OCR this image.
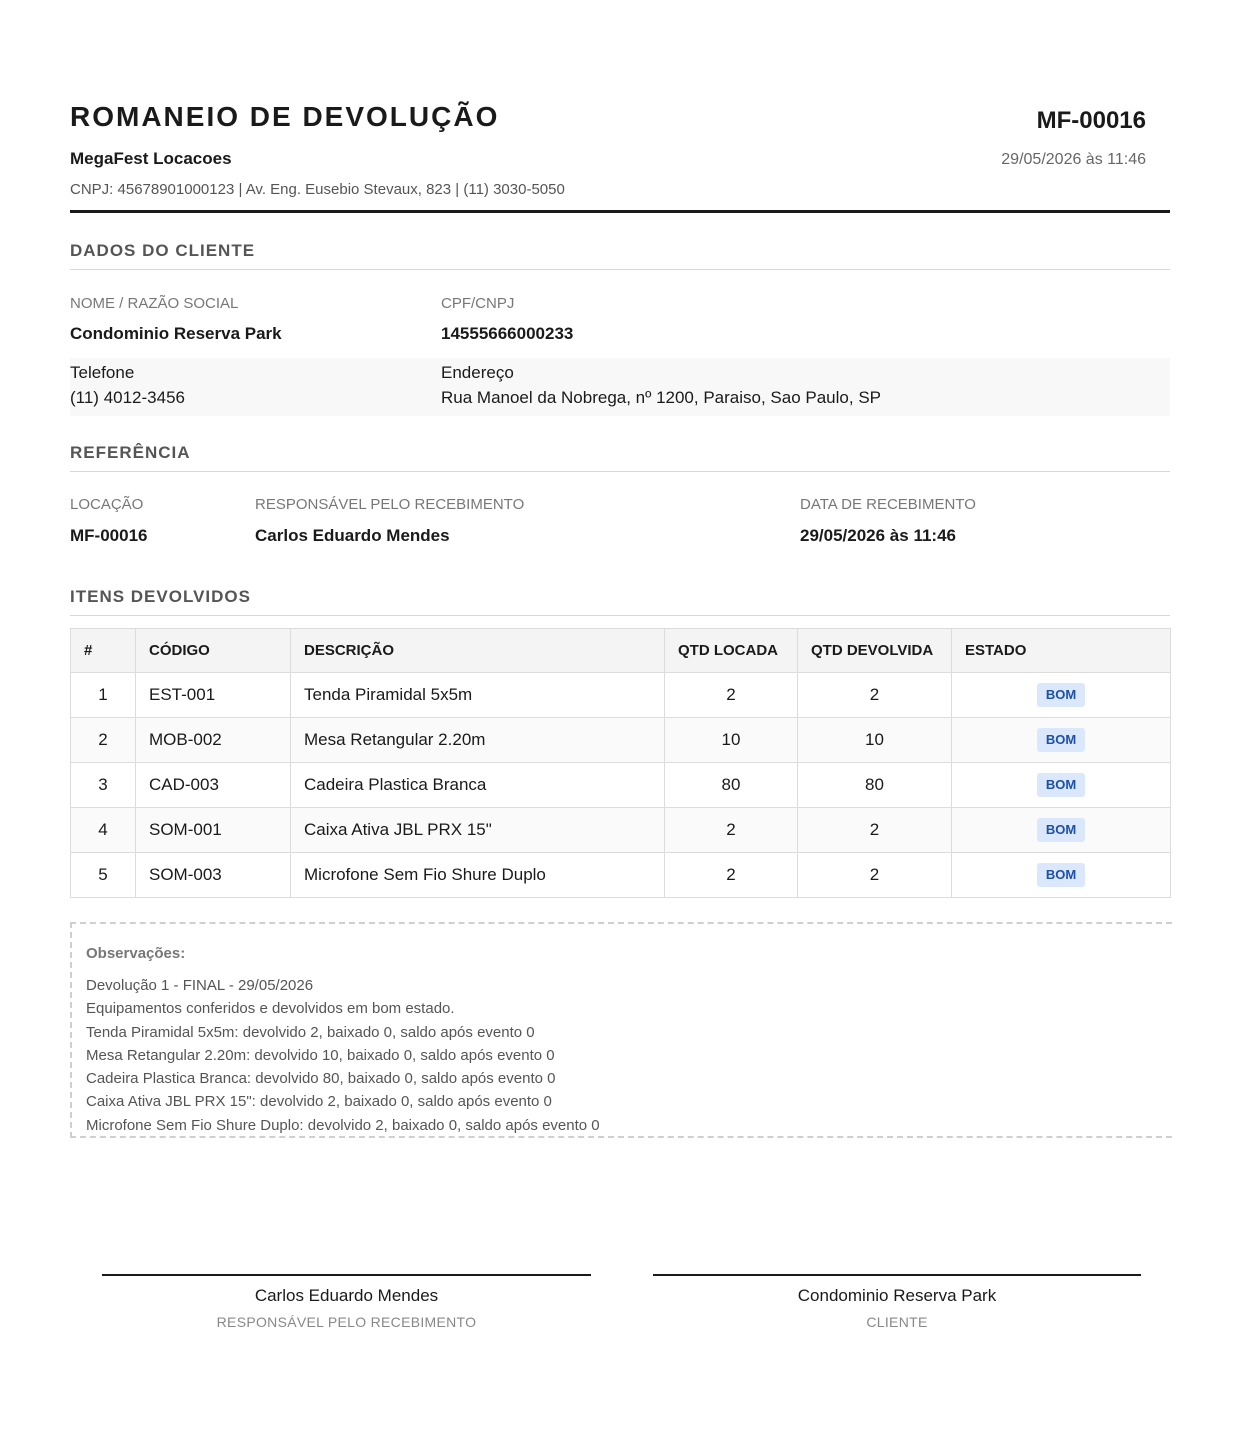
ROMANEIO DE DEVOLUÇÃO	MF-00016
MegaFest Locacoes	29/05/2026 às 11:46
CNPJ: 45678901000123 | Av. Eng. Eusebio Stevaux, 823 | (11) 3030-5050
DADOS DO CLIENTE
NOME / RAZÃO SOCIAL
Condominio Reserva Park
CPF/CNPJ
14555666000233
Telefone
(11) 4012-3456
Endereço
Rua Manoel da Nobrega, nº 1200, Paraiso, Sao Paulo, SP
REFERÊNCIA
LOCAÇÃO
MF-00016
RESPONSÁVEL PELO RECEBIMENTO
Carlos Eduardo Mendes
DATA DE RECEBIMENTO
29/05/2026 às 11:46
ITENS DEVOLVIDOS
#	CÓDIGO	DESCRIÇÃO	QTD LOCADA	QTD DEVOLVIDA	ESTADO
1	EST-001	Tenda Piramidal 5x5m	2	2	BOM
2	MOB-002	Mesa Retangular 2.20m	10	10	BOM
3	CAD-003	Cadeira Plastica Branca	80	80	BOM
4	SOM-001	Caixa Ativa JBL PRX 15"	2	2	BOM
5	SOM-003	Microfone Sem Fio Shure Duplo	2	2	BOM
Observações:
Devolução 1 - FINAL - 29/05/2026
Equipamentos conferidos e devolvidos em bom estado.
Tenda Piramidal 5x5m: devolvido 2, baixado 0, saldo após evento 0
Mesa Retangular 2.20m: devolvido 10, baixado 0, saldo após evento 0
Cadeira Plastica Branca: devolvido 80, baixado 0, saldo após evento 0
Caixa Ativa JBL PRX 15": devolvido 2, baixado 0, saldo após evento 0
Microfone Sem Fio Shure Duplo: devolvido 2, baixado 0, saldo após evento 0
Carlos Eduardo Mendes
RESPONSÁVEL PELO RECEBIMENTO
Condominio Reserva Park
CLIENTE
